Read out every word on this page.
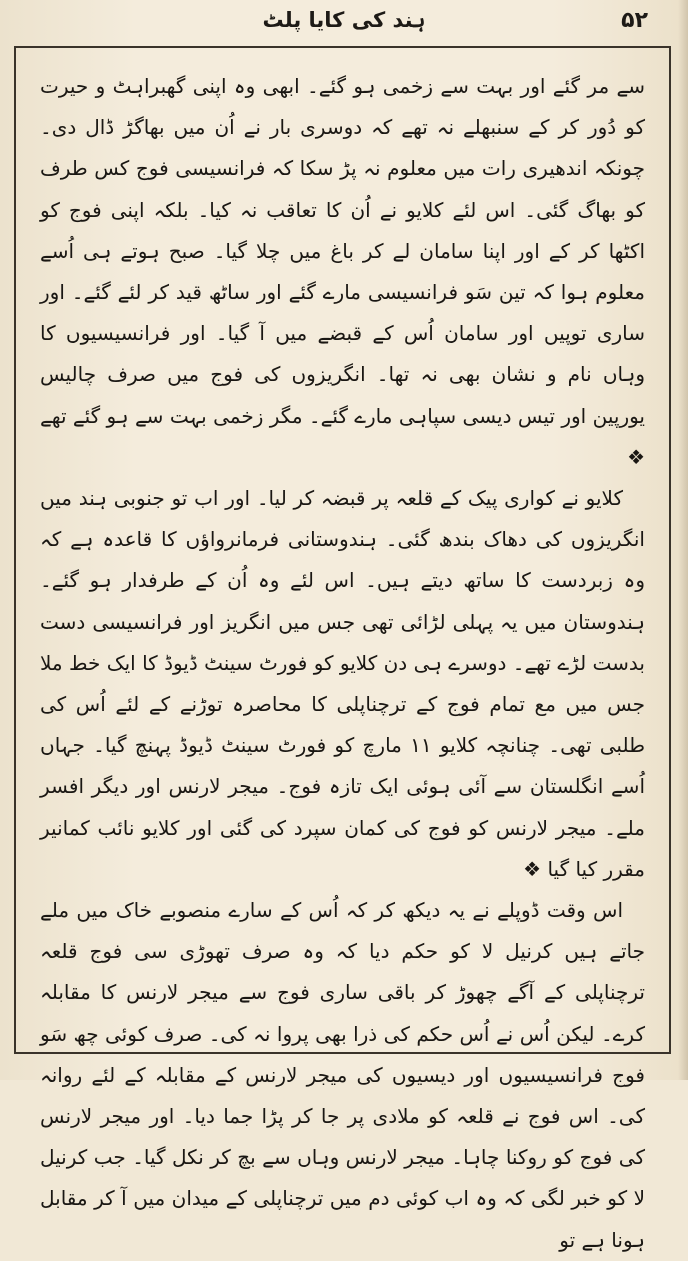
۵۲
ہند کی کایا پلٹ

سے مر گئے اور بہت سے زخمی ہو گئے۔ ابھی وہ اپنی گھبراہٹ و حیرت کو دُور کر کے سنبھلے نہ تھے کہ دوسری بار نے اُن میں بھاگڑ ڈال دی۔ چونکہ اندھیری رات میں معلوم نہ پڑ سکا کہ فرانسیسی فوج کس طرف کو بھاگ گئی۔ اس لئے کلایو نے اُن کا تعاقب نہ کیا۔ بلکہ اپنی فوج کو اکٹھا کر کے اور اپنا سامان لے کر باغ میں چلا گیا۔ صبح ہوتے ہی اُسے معلوم ہوا کہ تین سَو فرانسیسی مارے گئے اور ساٹھ قید کر لئے گئے۔ اور ساری توپیں اور سامان اُس کے قبضے میں آ گیا۔ اور فرانسیسیوں کا وہاں نام و نشان بھی نہ تھا۔ انگریزوں کی فوج میں صرف چالیس یورپین اور تیس دیسی سپاہی مارے گئے۔ مگر زخمی بہت سے ہو گئے تھے ❖

کلایو نے کواری پیک کے قلعہ پر قبضہ کر لیا۔ اور اب تو جنوبی ہند میں انگریزوں کی دھاک بندھ گئی۔ ہندوستانی فرمانرواؤں کا قاعدہ ہے کہ وہ زبردست کا ساتھ دیتے ہیں۔ اس لئے وہ اُن کے طرفدار ہو گئے۔ ہندوستان میں یہ پہلی لڑائی تھی جس میں انگریز اور فرانسیسی دست بدست لڑے تھے۔ دوسرے ہی دن کلایو کو فورٹ سینٹ ڈیوڈ کا ایک خط ملا جس میں مع تمام فوج کے ترچناپلی کا محاصرہ توڑنے کے لئے اُس کی طلبی تھی۔ چنانچہ کلایو ۱۱ مارچ کو فورٹ سینٹ ڈیوڈ پہنچ گیا۔ جہاں اُسے انگلستان سے آئی ہوئی ایک تازہ فوج۔ میجر لارنس اور دیگر افسر ملے۔ میجر لارنس کو فوج کی کمان سپرد کی گئی اور کلایو نائب کمانیر مقرر کیا گیا ❖

اس وقت ڈوپلے نے یہ دیکھ کر کہ اُس کے سارے منصوبے خاک میں ملے جاتے ہیں کرنیل لا کو حکم دیا کہ وہ صرف تھوڑی سی فوج قلعہ ترچناپلی کے آگے چھوڑ کر باقی ساری فوج سے میجر لارنس کا مقابلہ کرے۔ لیکن اُس نے اُس حکم کی ذرا بھی پروا نہ کی۔ صرف کوئی چھ سَو فوج فرانسیسیوں اور دیسیوں کی میجر لارنس کے مقابلہ کے لئے روانہ کی۔ اس فوج نے قلعہ کو ملادی پر جا کر پڑا جما دیا۔ اور میجر لارنس کی فوج کو روکنا چاہا۔ میجر لارنس وہاں سے بچ کر نکل گیا۔ جب کرنیل لا کو خبر لگی کہ وہ اب کوئی دم میں ترچناپلی کے میدان میں آ کر مقابل ہونا ہے تو
